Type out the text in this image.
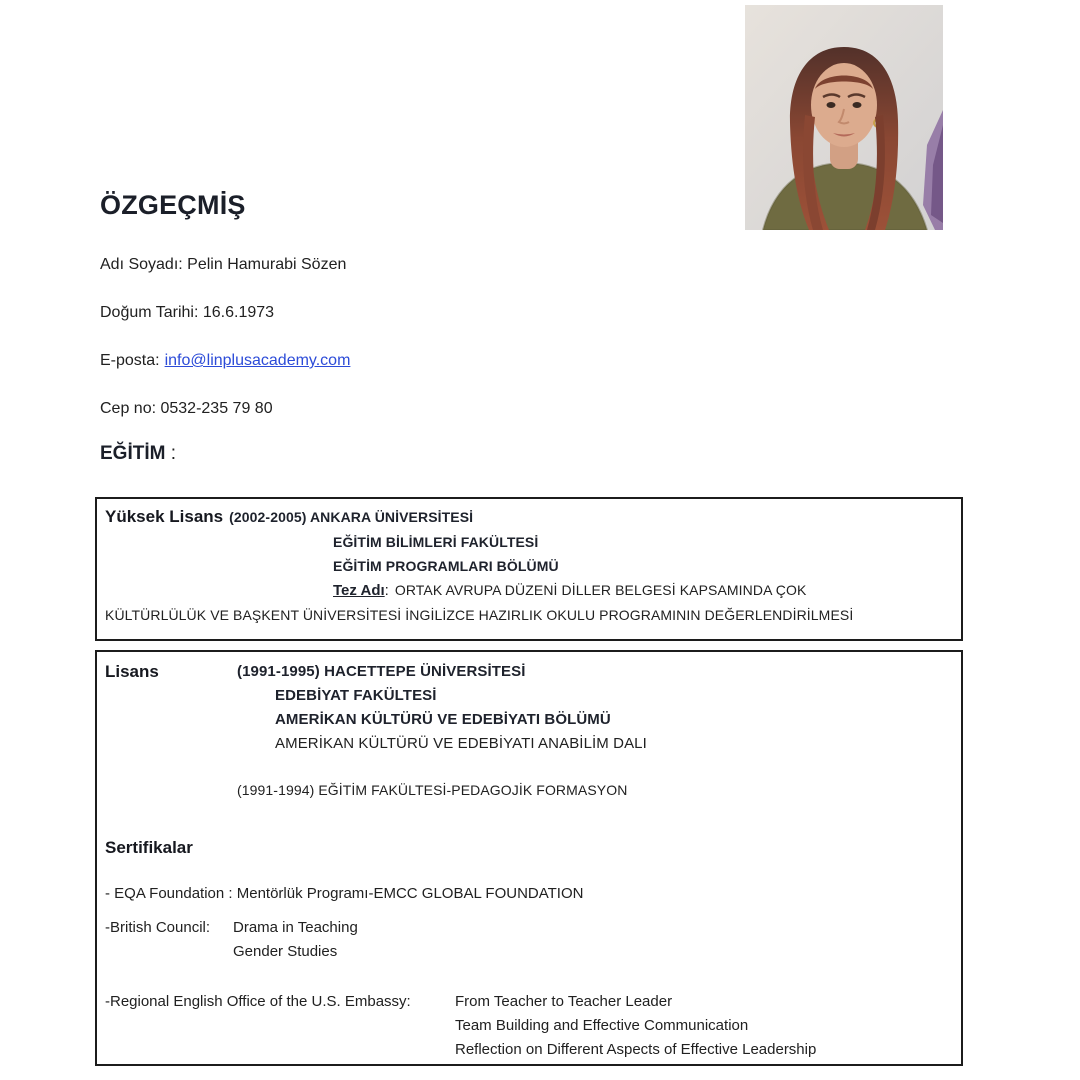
ÖZGEÇMİŞ
Adı Soyadı: Pelin Hamurabi Sözen
Doğum Tarihi: 16.6.1973
E-posta: info@linplusacademy.com
Cep no: 0532-235 79 80
EĞİTİM :
Yüksek Lisans (2002-2005) ANKARA ÜNİVERSİTESİ
EĞİTİM BİLİMLERİ FAKÜLTESİ
EĞİTİM PROGRAMLARI BÖLÜMÜ
Tez Adı: ORTAK AVRUPA DÜZENİ DİLLER BELGESİ KAPSAMINDA ÇOK
KÜLTÜRLÜLÜK VE BAŞKENT ÜNİVERSİTESİ İNGİLİZCE HAZIRLIK OKULU PROGRAMININ DEĞERLENDİRİLMESİ
Lisans	(1991-1995) HACETTEPE ÜNİVERSİTESİ
EDEBİYAT FAKÜLTESİ
AMERİKAN KÜLTÜRÜ VE EDEBİYATI BÖLÜMÜ
AMERİKAN KÜLTÜRÜ VE EDEBİYATI ANABİLİM DALI
(1991-1994) EĞİTİM FAKÜLTESİ-PEDAGOJİK FORMASYON
Sertifikalar
- EQA Foundation : Mentörlük Programı-EMCC GLOBAL FOUNDATION
-British Council:	Drama in Teaching
Gender Studies
-Regional English Office of the U.S. Embassy:	From Teacher to Teacher Leader
Team Building and Effective Communication
Reflection on Different Aspects of Effective Leadership
